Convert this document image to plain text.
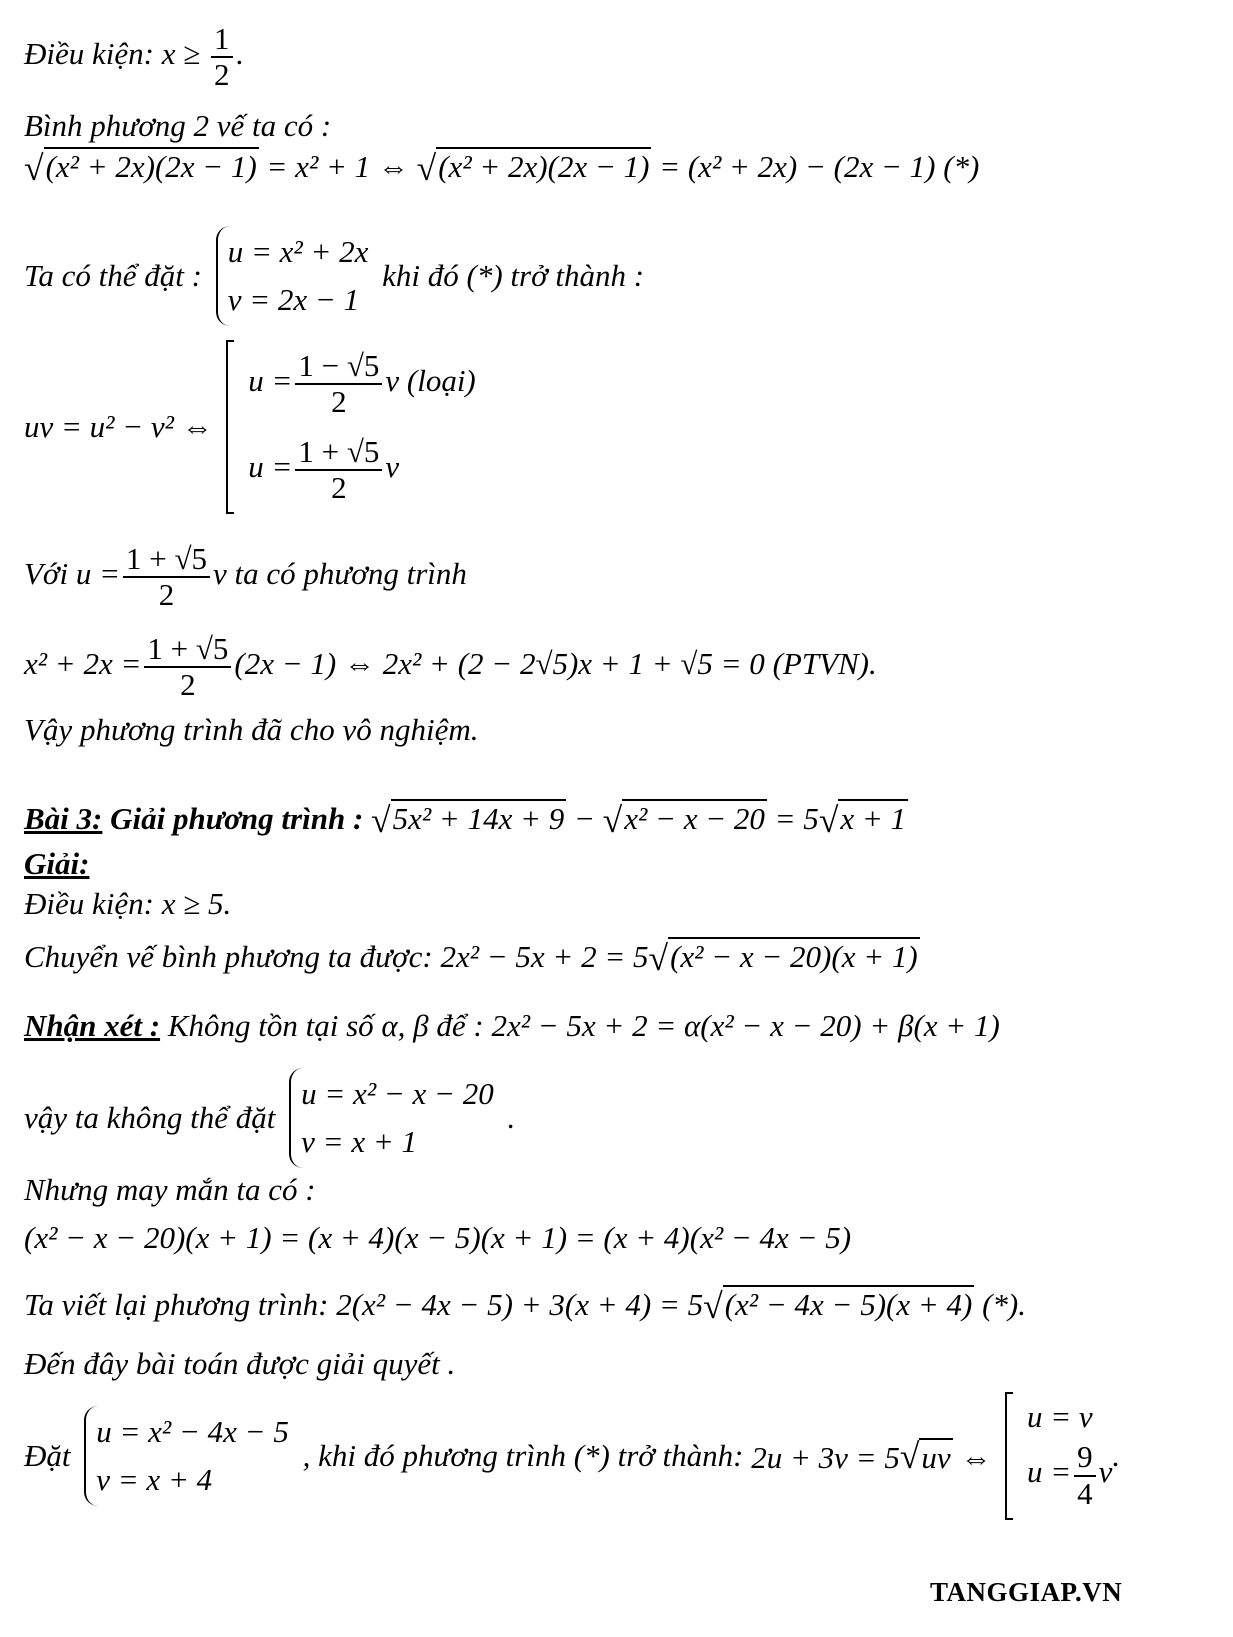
Điều kiện: $x \ge \frac{1}{2}$ .
Bình phương 2 vế ta có :
√(x² + 2x)(2x − 1) = x² + 1 ⇔ √(x² + 2x)(2x − 1) = (x² + 2x) − (2x − 1) (*)
Ta có thể đặt :
u = x² + 2x
v = 2x − 1
khi đó (*) trở thành :
uv = u² − v² ⇔
$u = \frac{1 - √5}{2}$ v (loại)
$u = \frac{1 + √5}{2}$ v
Với $u = \frac{1 + √5}{2}$ v ta có phương trình
$x^2 + 2x = \frac{1 + √5}{2} (2x - 1)$ ⇔ 2x² + (2 − 2√5)x + 1 + √5 = 0 (PTVN).
Vậy phương trình đã cho vô nghiệm.
Bài 3: Giải phương trình : √5x² + 14x + 9 − √x² − x − 20 = 5√x + 1
Giải:
Điều kiện: x ≥ 5.
Chuyển vế bình phương ta được: 2x² − 5x + 2 = 5√(x² − x − 20)(x + 1)
Nhận xét : Không tồn tại số α, β để : 2x² − 5x + 2 = α(x² − x − 20) + β(x + 1)
vậy ta không thể đặt
u = x² − x − 20
v = x + 1
.
Nhưng may mắn ta có :
(x² − x − 20)(x + 1) = (x + 4)(x − 5)(x + 1) = (x + 4)(x² − 4x − 5)
Ta viết lại phương trình: 2(x² − 4x − 5) + 3(x + 4) = 5√(x² − 4x − 5)(x + 4) (*).
Đến đây bài toán được giải quyết .
Đặt
u = x² − 4x − 5
v = x + 4
, khi đó phương trình (*) trở thành: 2u + 3v = 5√uv ⇔
u = v
$u = \frac{9}{4}$ v .
TANGGIAP.VN
